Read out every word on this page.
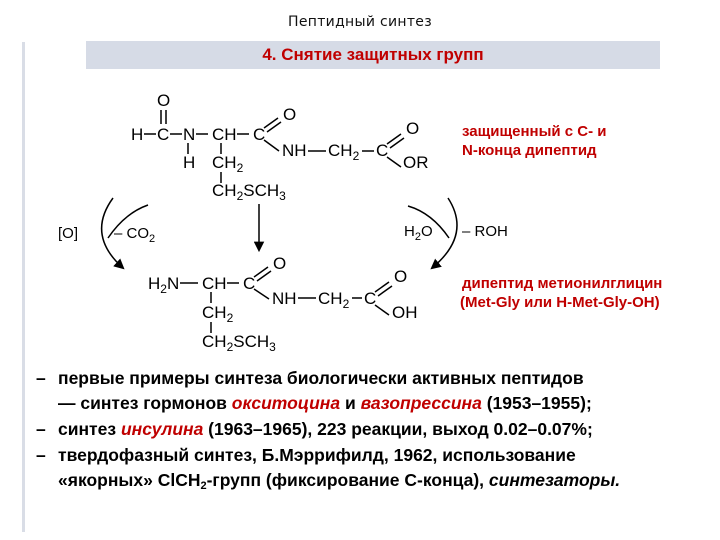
Пептидный синтез
4. Снятие защитных групп
O
H C N CH C
H $CH_2$
$CH_2SCH_3$
O
NH $CH_2$ C
O
OR
защищенный с С- и
N-конца дипептид
$[O] - CO_2$	$H_2O$ – ROH
$H_2N$ CH C
$CH_2$
$CH_2SCH_3$
O
NH $CH_2$ C
O
OH
дипептид метионилглицин
(Met-Gly или H-Met-Gly-OH)
– первые примеры синтеза биологически активных пептидов
— синтез гормонов окситоцина и вазопрессина (1953–1955);
– синтез инсулина (1963–1965), 223 реакции, выход 0.02–0.07%;
– твердофазный синтез, Б.Мэррифилд, 1962, использование
«якорных» ClCH$_2$-групп (фиксирование С-конца), синтезаторы.
